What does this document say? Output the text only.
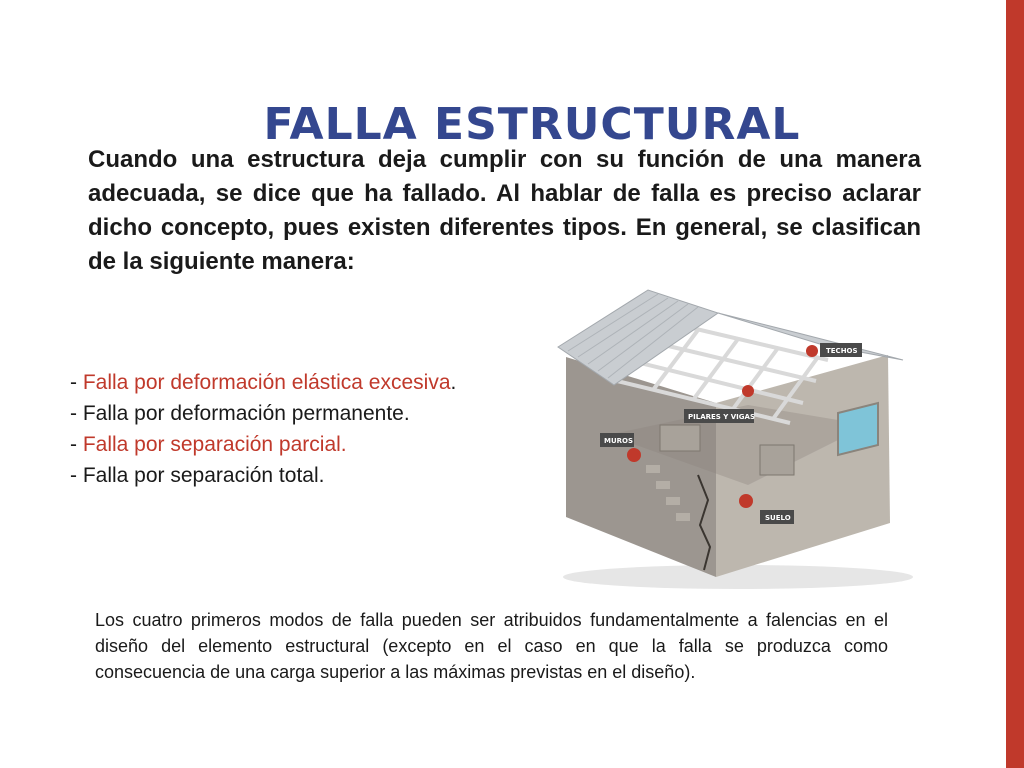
FALLA ESTRUCTURAL

Cuando una estructura deja cumplir con su función de una manera adecuada, se dice que ha fallado. Al hablar de falla es preciso aclarar dicho concepto, pues existen diferentes tipos. En general, se clasifican de la siguiente manera:

- Falla por deformación elástica excesiva.
- Falla por deformación permanente.
- Falla por separación parcial.
- Falla por separación total.
TECHOS
PILARES Y VIGAS
MUROS
SUELO

Los cuatro primeros modos de falla pueden ser atribuidos fundamentalmente a falencias en el diseño del elemento estructural (excepto en el caso en que la falla se produzca como consecuencia de una carga superior a las máximas previstas en el diseño).
